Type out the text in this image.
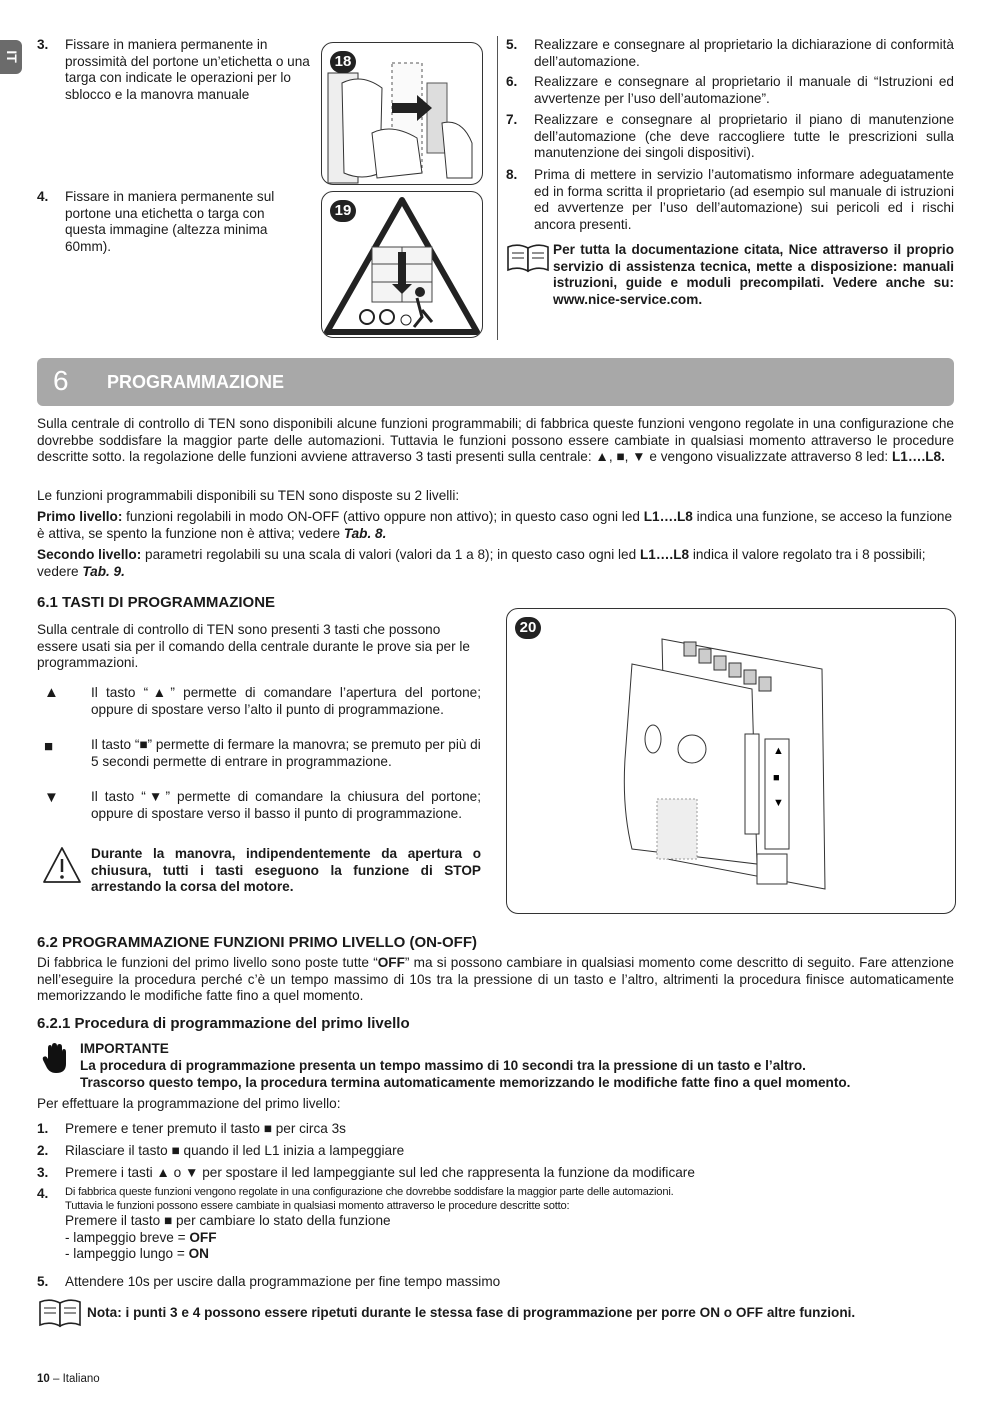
IT
3. Fissare in maniera permanente in prossimità del portone un’etichetta o una targa con indicate le operazioni per lo sblocco e la manovra manuale
4. Fissare in maniera permanente sul portone una etichetta o targa con questa immagine (altezza minima 60mm).
18
19
5. Realizzare e consegnare al proprietario la dichiarazione di conformità dell’automazione.
6. Realizzare e consegnare al proprietario il manuale di “Istruzioni ed avvertenze per l’uso dell’automazione”.
7. Realizzare e consegnare al proprietario il piano di manutenzione dell’automazione (che deve raccogliere tutte le prescrizioni sulla manutenzione dei singoli dispositivi).
8. Prima di mettere in servizio l’automatismo informare adeguatamente ed in forma scritta il proprietario (ad esempio sul manuale di istruzioni ed avvertenze per l’uso dell’automazione) sui pericoli ed i rischi ancora presenti.
Per tutta la documentazione citata, Nice attraverso il proprio servizio di assistenza tecnica, mette a disposizione: manuali istruzioni, guide e moduli precompilati. Vedere anche su: www.nice-service.com.
6 PROGRAMMAZIONE
Sulla centrale di controllo di TEN sono disponibili alcune funzioni programmabili; di fabbrica queste funzioni vengono regolate in una configurazione che dovrebbe soddisfare la maggior parte delle automazioni. Tuttavia le funzioni possono essere cambiate in qualsiasi momento attraverso le procedure descritte sotto. la regolazione delle funzioni avviene attraverso 3 tasti presenti sulla centrale: ▲, ■, ▼ e vengono visualizzate attraverso 8 led: L1….L8.
Le funzioni programmabili disponibili su TEN sono disposte su 2 livelli:
Primo livello: funzioni regolabili in modo ON-OFF (attivo oppure non attivo); in questo caso ogni led L1….L8 indica una funzione, se acceso la funzione è attiva, se spento la funzione non è attiva; vedere Tab. 8.
Secondo livello: parametri regolabili su una scala di valori (valori da 1 a 8); in questo caso ogni led L1….L8 indica il valore regolato tra i 8 possibili; vedere Tab. 9.
6.1 TASTI DI PROGRAMMAZIONE
Sulla centrale di controllo di TEN sono presenti 3 tasti che possono essere usati sia per il comando della centrale durante le prove sia per le programmazioni.
▲ Il tasto “▲” permette di comandare l’apertura del portone; oppure di spostare verso l’alto il punto di programmazione.
■	Il tasto “■” permette di fermare la manovra; se premuto per più di 5 secondi permette di entrare in programmazione.
▼ Il tasto “▼” permette di comandare la chiusura del portone; oppure di spostare verso il basso il punto di programmazione.
Durante la manovra, indipendentemente da apertura o chiusura, tutti i tasti eseguono la funzione di STOP arrestando la corsa del motore.
▲
■
▼
20
6.2 PROGRAMMAZIONE FUNZIONI PRIMO LIVELLO (ON-OFF)
Di fabbrica le funzioni del primo livello sono poste tutte “OFF” ma si possono cambiare in qualsiasi momento come descritto di seguito. Fare attenzione nell’eseguire la procedura perché c’è un tempo massimo di 10s tra la pressione di un tasto e l’altro, altrimenti la procedura finisce automaticamente memorizzando le modifiche fatte fino a quel momento.
6.2.1 Procedura di programmazione del primo livello
IMPORTANTE
La procedura di programmazione presenta un tempo massimo di 10 secondi tra la pressione di un tasto e l’altro.
Trascorso questo tempo, la procedura termina automaticamente memorizzando le modifiche fatte fino a quel momento.
Per effettuare la programmazione del primo livello:
1. Premere e tener premuto il tasto ■ per circa 3s
2. Rilasciare il tasto ■ quando il led L1 inizia a lampeggiare
3. Premere i tasti ▲ o ▼ per spostare il led lampeggiante sul led che rappresenta la funzione da modificare
4. Di fabbrica queste funzioni vengono regolate in una configurazione che dovrebbe soddisfare la maggior parte delle automazioni.
Tuttavia le funzioni possono essere cambiate in qualsiasi momento attraverso le procedure descritte sotto:
Premere il tasto ■ per cambiare lo stato della funzione
- lampeggio breve = OFF
- lampeggio lungo = ON
5. Attendere 10s per uscire dalla programmazione per fine tempo massimo
Nota: i punti 3 e 4 possono essere ripetuti durante le stessa fase di programmazione per porre ON o OFF altre funzioni.
10 – Italiano
